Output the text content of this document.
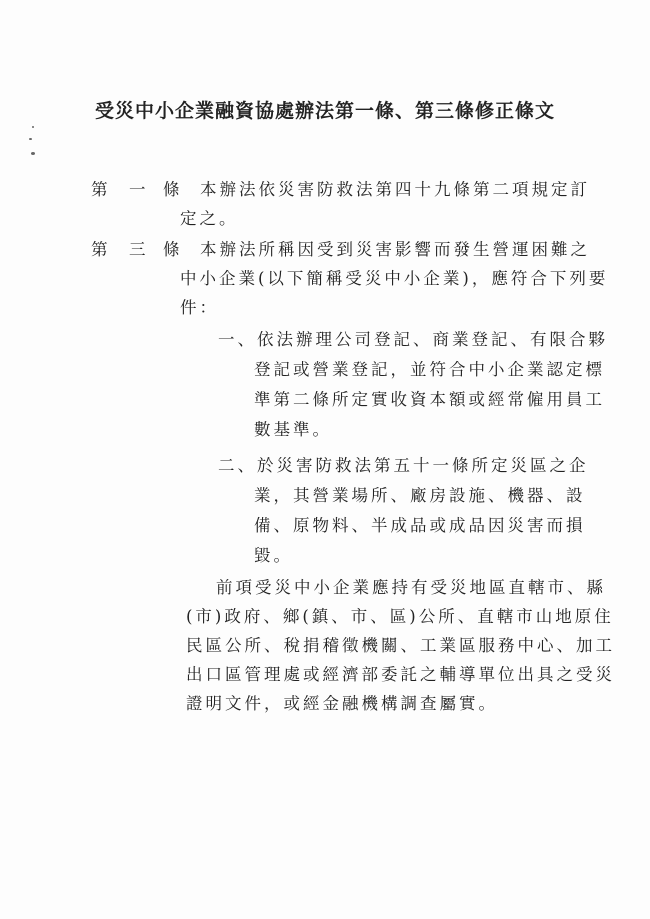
受災中小企業融資協處辦法第一條、第三條修正條文
第 一 條 本辦法依災害防救法第四十九條第二項規定訂
定之。
第 三 條 本辦法所稱因受到災害影響而發生營運困難之
中小企業(以下簡稱受災中小企業)，應符合下列要
件：
一、依法辦理公司登記、商業登記、有限合夥
登記或營業登記，並符合中小企業認定標
準第二條所定實收資本額或經常僱用員工
數基準。
二、於災害防救法第五十一條所定災區之企
業，其營業場所、廠房設施、機器、設
備、原物料、半成品或成品因災害而損
毀。
前項受災中小企業應持有受災地區直轄市、縣
(市)政府、鄉(鎮、市、區)公所、直轄市山地原住
民區公所、稅捐稽徵機關、工業區服務中心、加工
出口區管理處或經濟部委託之輔導單位出具之受災
證明文件，或經金融機構調查屬實。
